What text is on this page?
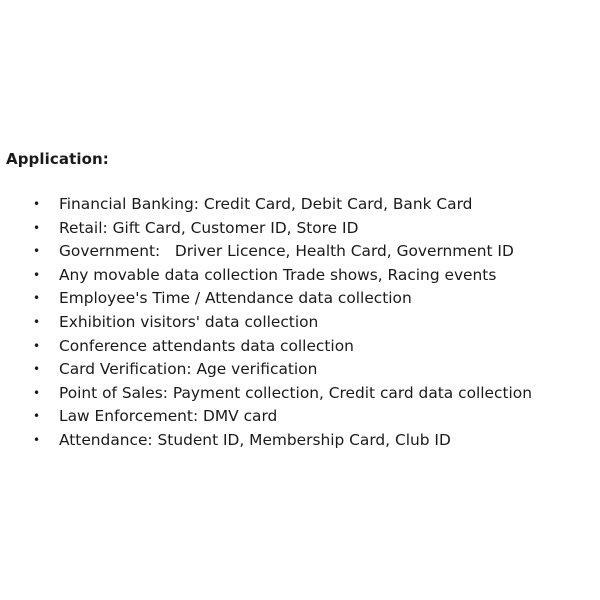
Application:
• Financial Banking: Credit Card, Debit Card, Bank Card
• Retail: Gift Card, Customer ID, Store ID
• Government:   Driver Licence, Health Card, Government ID
• Any movable data collection Trade shows, Racing events
• Employee's Time / Attendance data collection
• Exhibition visitors' data collection
• Conference attendants data collection
• Card Verification: Age verification
• Point of Sales: Payment collection, Credit card data collection
• Law Enforcement: DMV card
• Attendance: Student ID, Membership Card, Club ID
